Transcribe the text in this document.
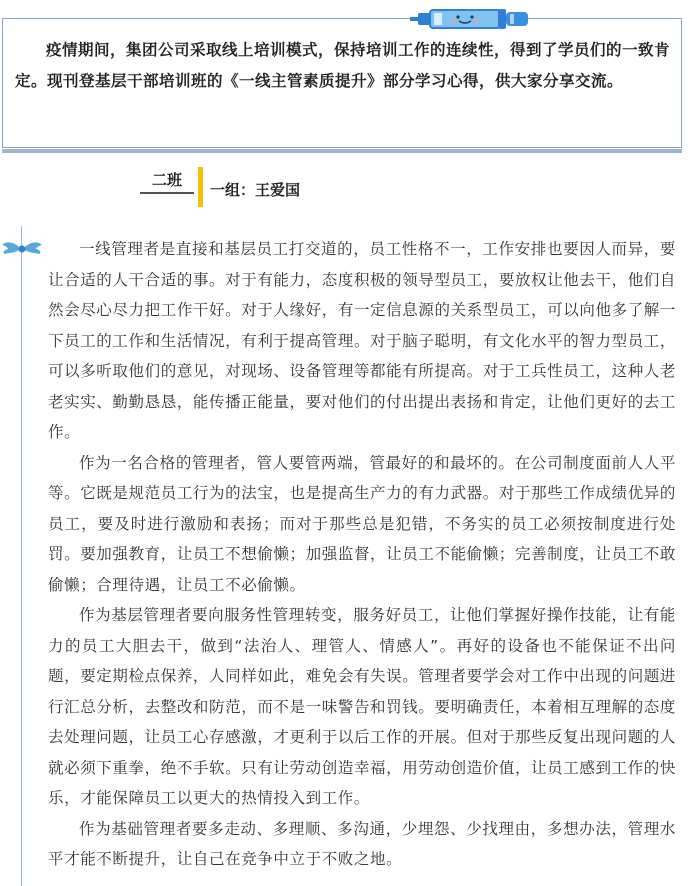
疫情期间，集团公司采取线上培训模式，保持培训工作的连续性，得到了学员们的一致肯定。现刊登基层干部培训班的《一线主管素质提升》部分学习心得，供大家分享交流。
二班
一组：王爱国

一线管理者是直接和基层员工打交道的，员工性格不一，工作安排也要因人而异，要让合适的人干合适的事。对于有能力，态度积极的领导型员工，要放权让他去干，他们自然会尽心尽力把工作干好。对于人缘好，有一定信息源的关系型员工，可以向他多了解一下员工的工作和生活情况，有利于提高管理。对于脑子聪明，有文化水平的智力型员工，可以多听取他们的意见，对现场、设备管理等都能有所提高。对于工兵性员工，这种人老老实实、勤勤恳恳，能传播正能量，要对他们的付出提出表扬和肯定，让他们更好的去工作。

作为一名合格的管理者，管人要管两端，管最好的和最坏的。在公司制度面前人人平等。它既是规范员工行为的法宝，也是提高生产力的有力武器。对于那些工作成绩优异的员工，要及时进行激励和表扬；而对于那些总是犯错，不务实的员工必须按制度进行处罚。要加强教育，让员工不想偷懒；加强监督，让员工不能偷懒；完善制度，让员工不敢偷懒；合理待遇，让员工不必偷懒。

作为基层管理者要向服务性管理转变，服务好员工，让他们掌握好操作技能，让有能力的员工大胆去干，做到“法治人、理管人、情感人”。再好的设备也不能保证不出问题，要定期检点保养，人同样如此，难免会有失误。管理者要学会对工作中出现的问题进行汇总分析，去整改和防范，而不是一味警告和罚钱。要明确责任，本着相互理解的态度去处理问题，让员工心存感激，才更利于以后工作的开展。但对于那些反复出现问题的人就必须下重拳，绝不手软。只有让劳动创造幸福，用劳动创造价值，让员工感到工作的快乐，才能保障员工以更大的热情投入到工作。

作为基础管理者要多走动、多理顺、多沟通，少埋怨、少找理由，多想办法，管理水平才能不断提升，让自己在竞争中立于不败之地。
